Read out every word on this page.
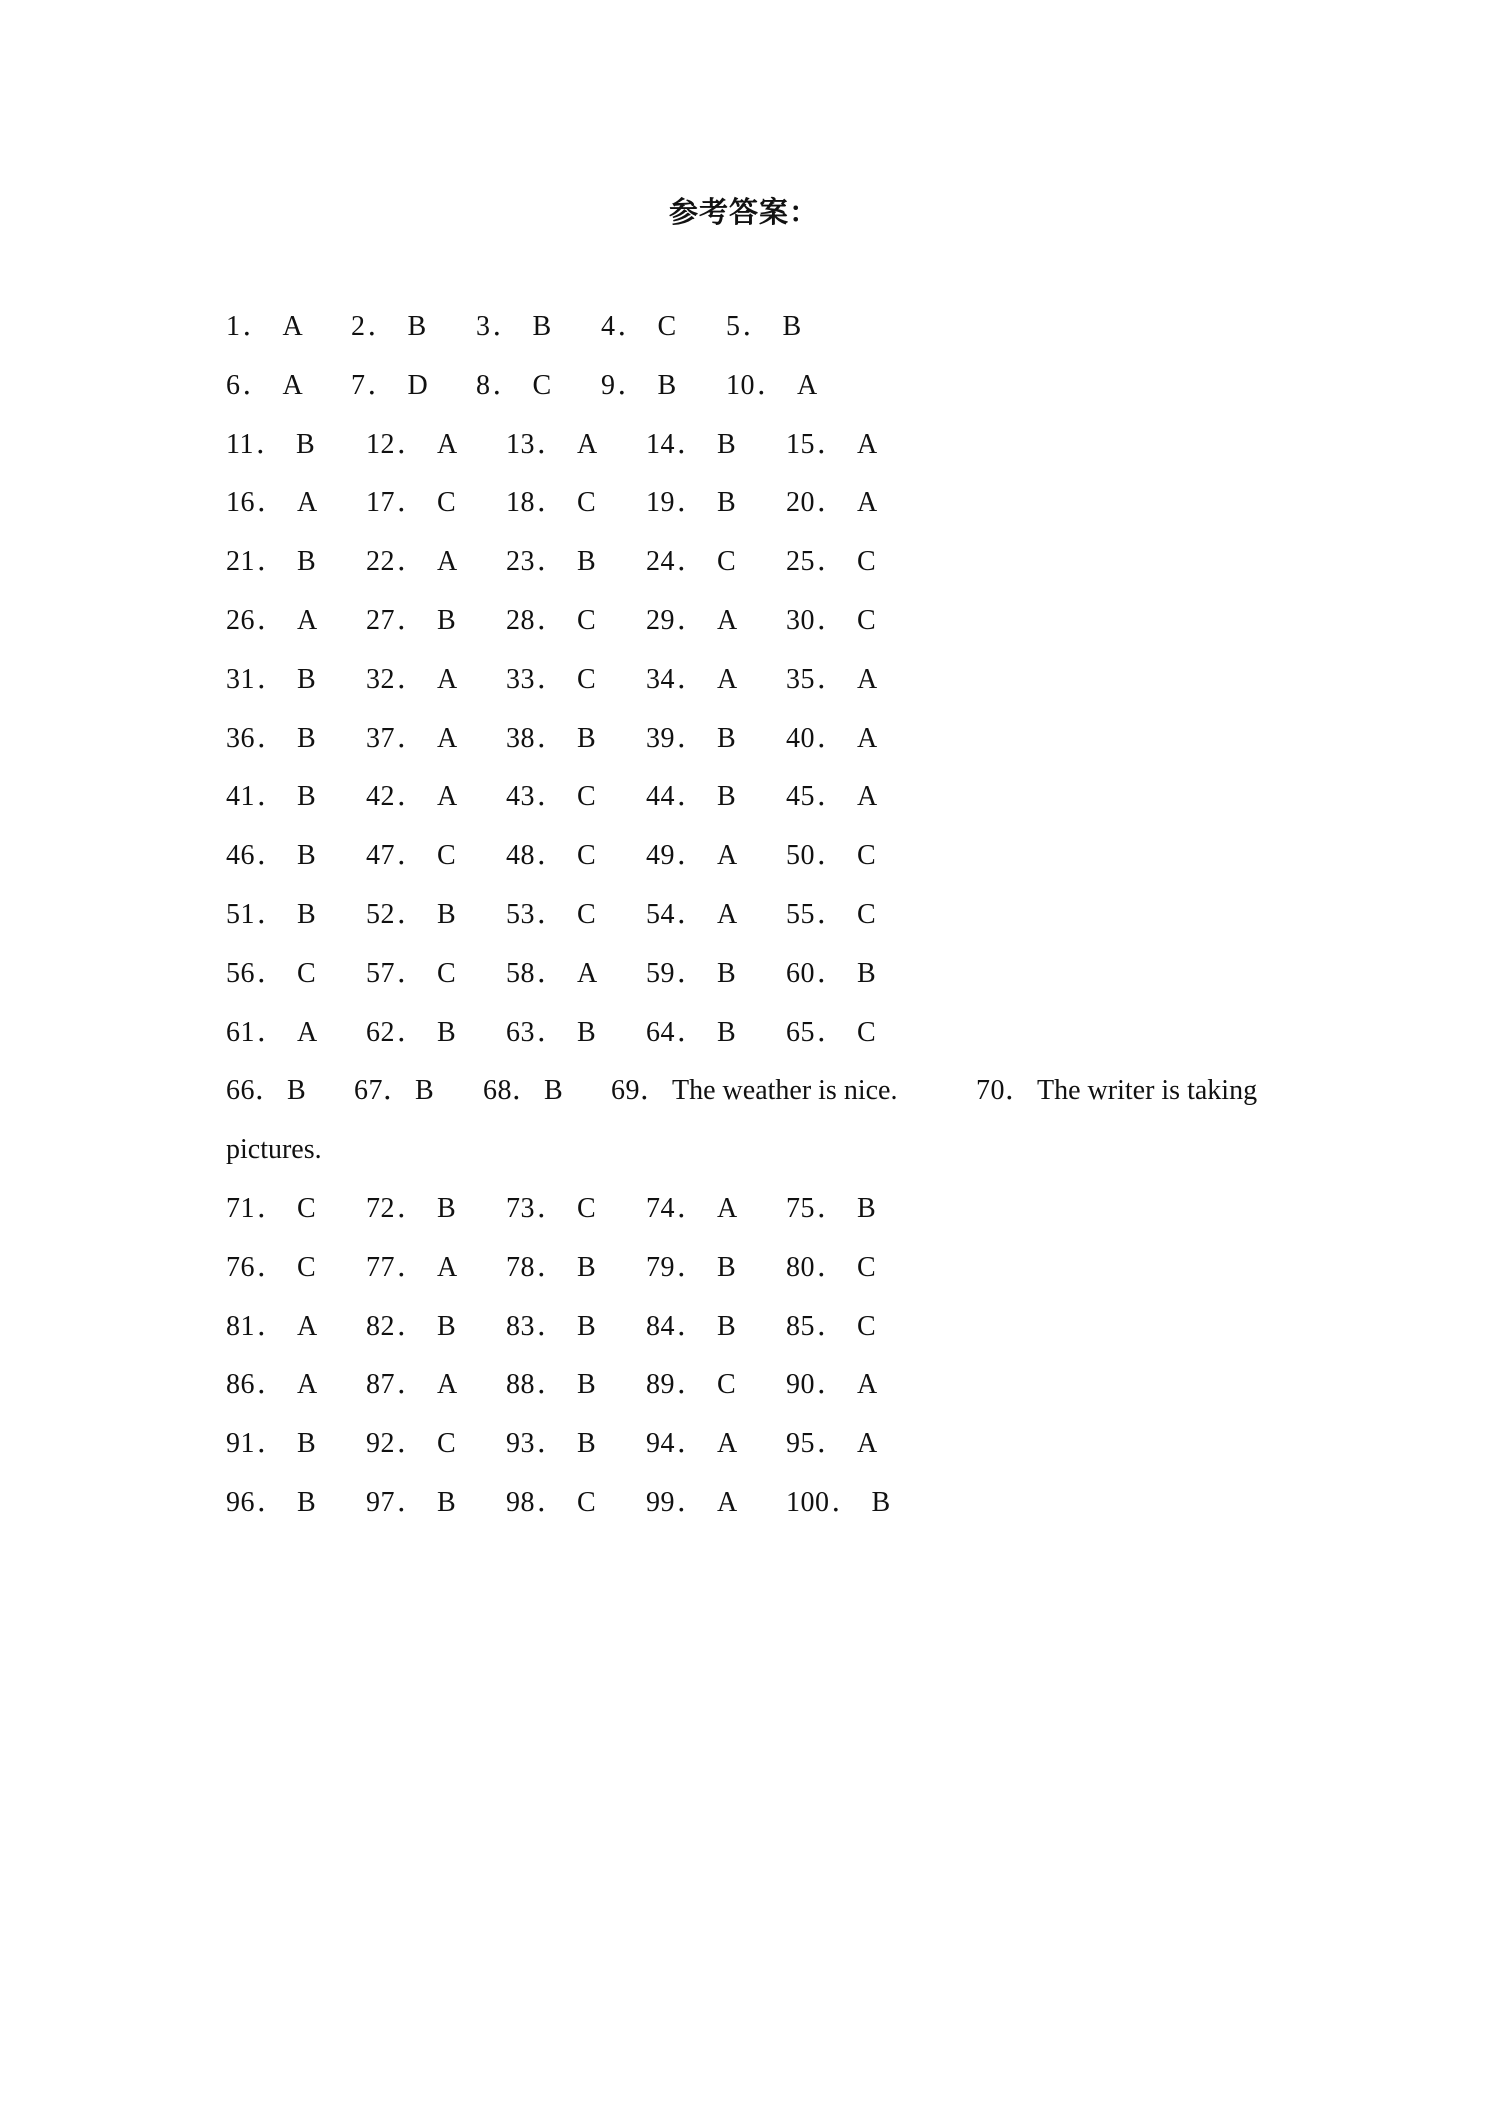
参考答案：
1． A 2． B 3． B 4． C 5． B
6． A 7． D 8． C 9． B 10． A
11． B 12． A 13． A 14． B 15． A
16． A 17． C 18． C 19． B 20． A
21． B 22． A 23． B 24． C 25． C
26． A 27． B 28． C 29． A 30． C
31． B 32． A 33． C 34． A 35． A
36． B 37． A 38． B 39． B 40． A
41． B 42． A 43． C 44． B 45． A
46． B 47． C 48． C 49． A 50． C
51． B 52． B 53． C 54． A 55． C
56． C 57． C 58． A 59． B 60． B
61． A 62． B 63． B 64． B 65． C
66． B 67． B 68． B 69． The weather is nice.	70． The writer is taking
pictures.
71． C 72． B 73． C 74． A 75． B
76． C 77． A 78． B 79． B 80． C
81． A 82． B 83． B 84． B 85． C
86． A 87． A 88． B 89． C 90． A
91． B 92． C 93． B 94． A 95． A
96． B 97． B 98． C 99． A 100． B
